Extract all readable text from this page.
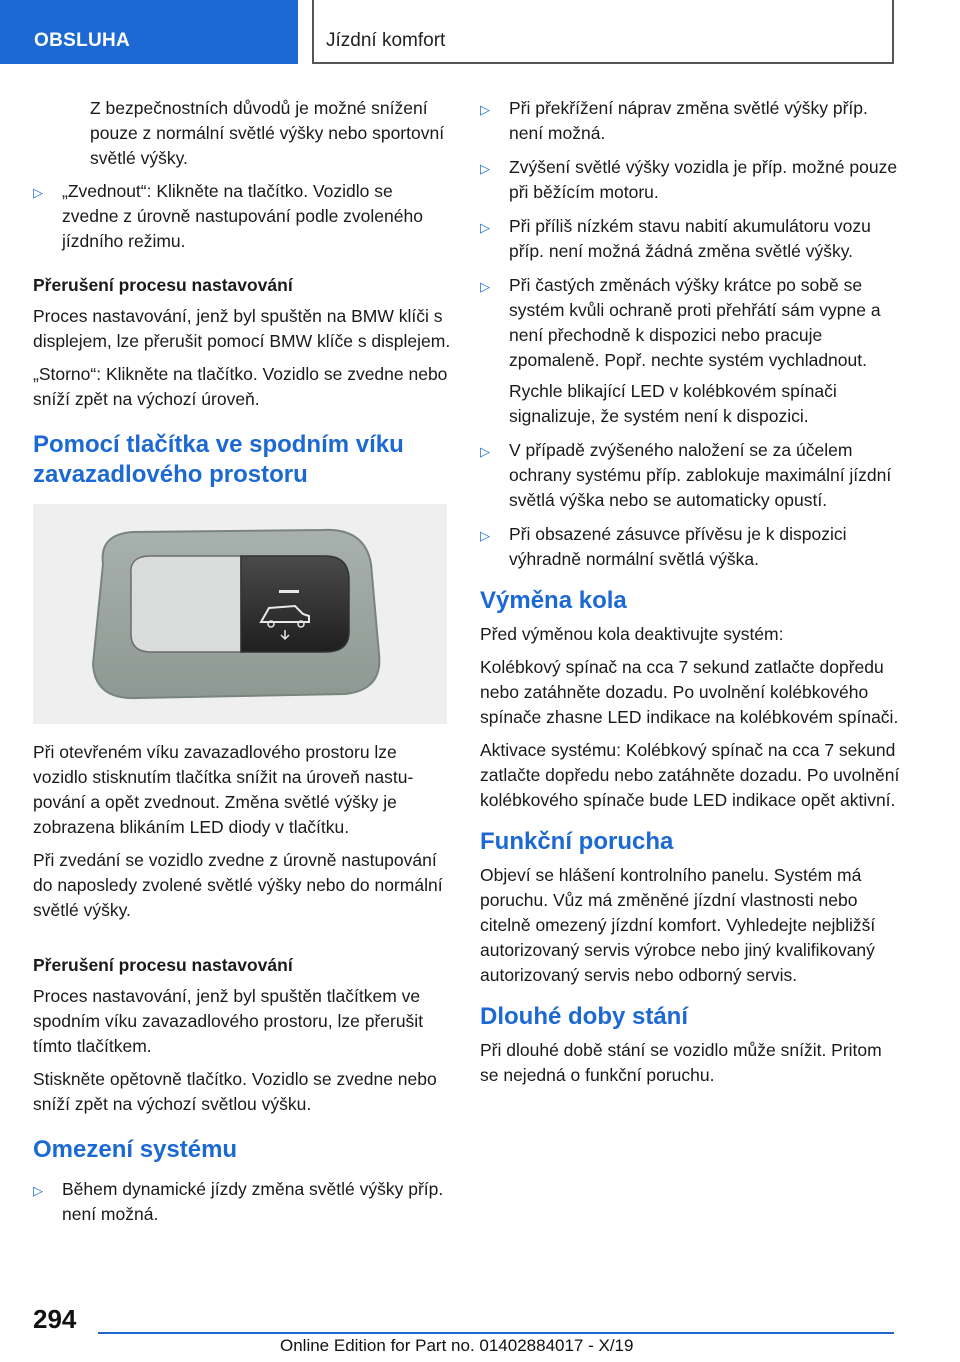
OBSLUHA	Jízdní komfort

Z bezpečnostních důvodů je možné snížení pouze z normální světlé výšky nebo sportovní světlé výšky.

▷ „Zvednout“: Klikněte na tlačítko. Vozidlo se zvedne z úrovně nastupování podle zvoleného jízdního režimu.
Přerušení procesu nastavování

Proces nastavování, jenž byl spuštěn na BMW klíči s displejem, lze přerušit pomocí BMW klíče s displejem.

„Storno“: Klikněte na tlačítko. Vozidlo se zvedne nebo sníží zpět na výchozí úroveň.

Pomocí tlačítka ve spodním víku zavazadlového prostoru

Při otevřeném víku zavazadlového prostoru lze vozidlo stisknutím tlačítka snížit na úroveň nastupování a opět zvednout. Změna světlé výšky je zobrazena blikáním LED diody v tlačítku.

Při zvedání se vozidlo zvedne z úrovně nastupování do naposledy zvolené světlé výšky nebo do normální světlé výšky.

Přerušení procesu nastavování

Proces nastavování, jenž byl spuštěn tlačítkem ve spodním víku zavazadlového prostoru, lze přerušit tímto tlačítkem.

Stiskněte opětovně tlačítko. Vozidlo se zvedne nebo sníží zpět na výchozí světlou výšku.

Omezení systému
▷ Během dynamické jízdy změna světlé výšky příp. není možná.
▷ Při překřížení náprav změna světlé výšky příp. není možná.
▷ Zvýšení světlé výšky vozidla je příp. možné pouze při běžícím motoru.
▷ Při příliš nízkém stavu nabití akumulátoru vozu příp. není možná žádná změna světlé výšky.
▷ Při častých změnách výšky krátce po sobě se systém kvůli ochraně proti přehřátí sám vypne a není přechodně k dispozici nebo pracuje zpomaleně. Popř. nechte systém vychladnout.
Rychle blikající LED v kolébkovém spínači signalizuje, že systém není k dispozici.
▷ V případě zvýšeného naložení se za účelem ochrany systému příp. zablokuje maximální jízdní světlá výška nebo se automaticky opustí.
▷ Při obsazené zásuvce přívěsu je k dispozici výhradně normální světlá výška.
Výměna kola

Před výměnou kola deaktivujte systém:

Kolébkový spínač na cca 7 sekund zatlačte dopředu nebo zatáhněte dozadu. Po uvolnění kolébkového spínače zhasne LED indikace na kolébkovém spínači.

Aktivace systému: Kolébkový spínač na cca 7 sekund zatlačte dopředu nebo zatáhněte dozadu. Po uvolnění kolébkového spínače bude LED indikace opět aktivní.

Funkční porucha

Objeví se hlášení kontrolního panelu. Systém má poruchu. Vůz má změněné jízdní vlastnosti nebo citelně omezený jízdní komfort. Vyhledejte nejbližší autorizovaný servis výrobce nebo jiný kvalifikovaný autorizovaný servis nebo odborný servis.

Dlouhé doby stání

Při dlouhé době stání se vozidlo může snížit. Pritom se nejedná o funkční poruchu.

294
Online Edition for Part no. 01402884017 - X/19
